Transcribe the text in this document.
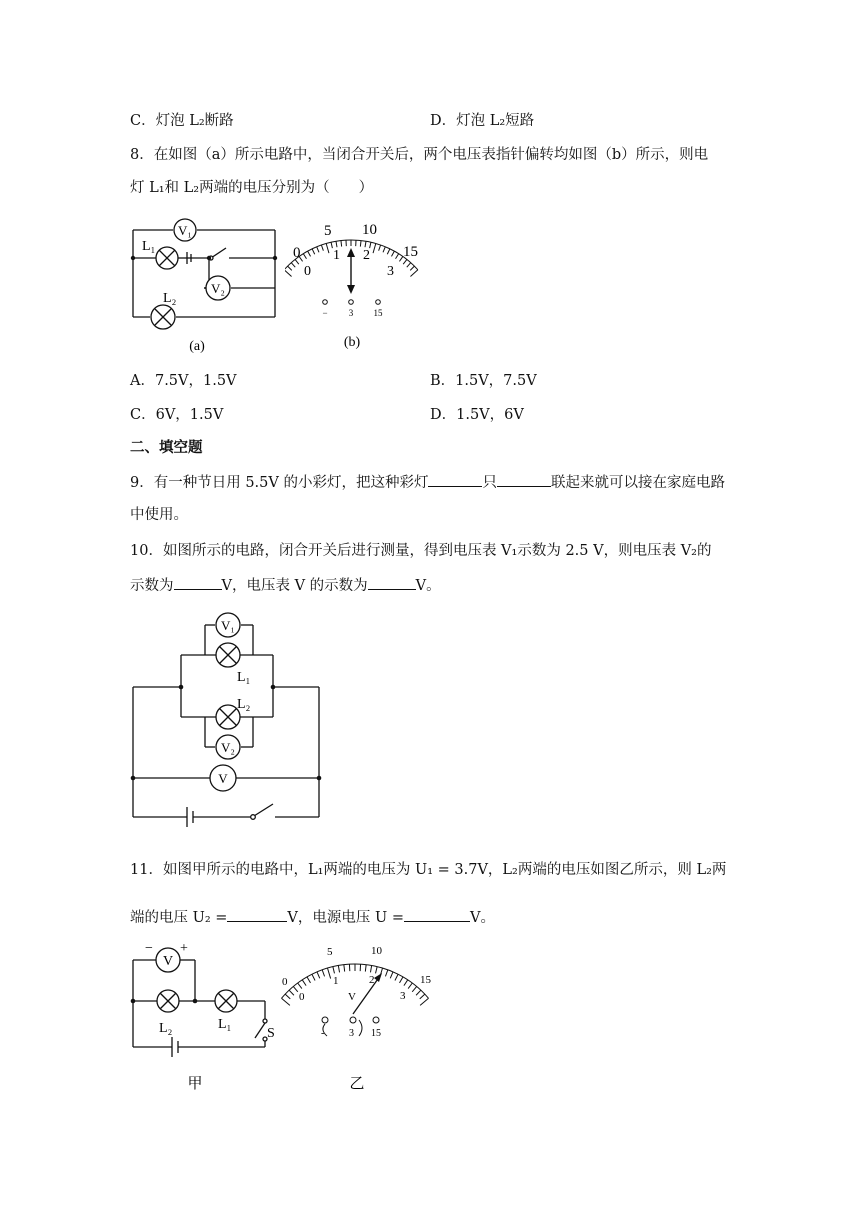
C．灯泡 L₂断路	D．灯泡 L₂短路
8．在如图（a）所示电路中，当闭合开关后，两个电压表指针偏转均如图（b）所示，则电
灯 L₁和 L₂两端的电压分别为（　　）
V₁
V₂
L₁
L₂
(a)
0
5 10
15
0
1 2
3
− 3 15
(b)
A．7.5V，1.5V	B．1.5V，7.5V
C．6V，1.5V	D．1.5V，6V
二、填空题
9．有一种节日用 5.5V 的小彩灯，把这种彩灯	只	联起来就可以接在家庭电路
中使用。
10．如图所示的电路，闭合开关后进行测量，得到电压表 V₁示数为 2.5 V，则电压表 V₂的
示数为	V，电压表 V 的示数为	V。
V₁
L₁
L₂
V₂
V
11．如图甲所示的电路中，L₁两端的电压为 U₁ = 3.7V，L₂两端的电压如图乙所示，则 L₂两
端的电压 U₂ =	V，电源电压 U =	V。
V
− +
L₂	L₁
S
甲
0
5	10
15
0
1	2
3
V
- 3 15
乙
